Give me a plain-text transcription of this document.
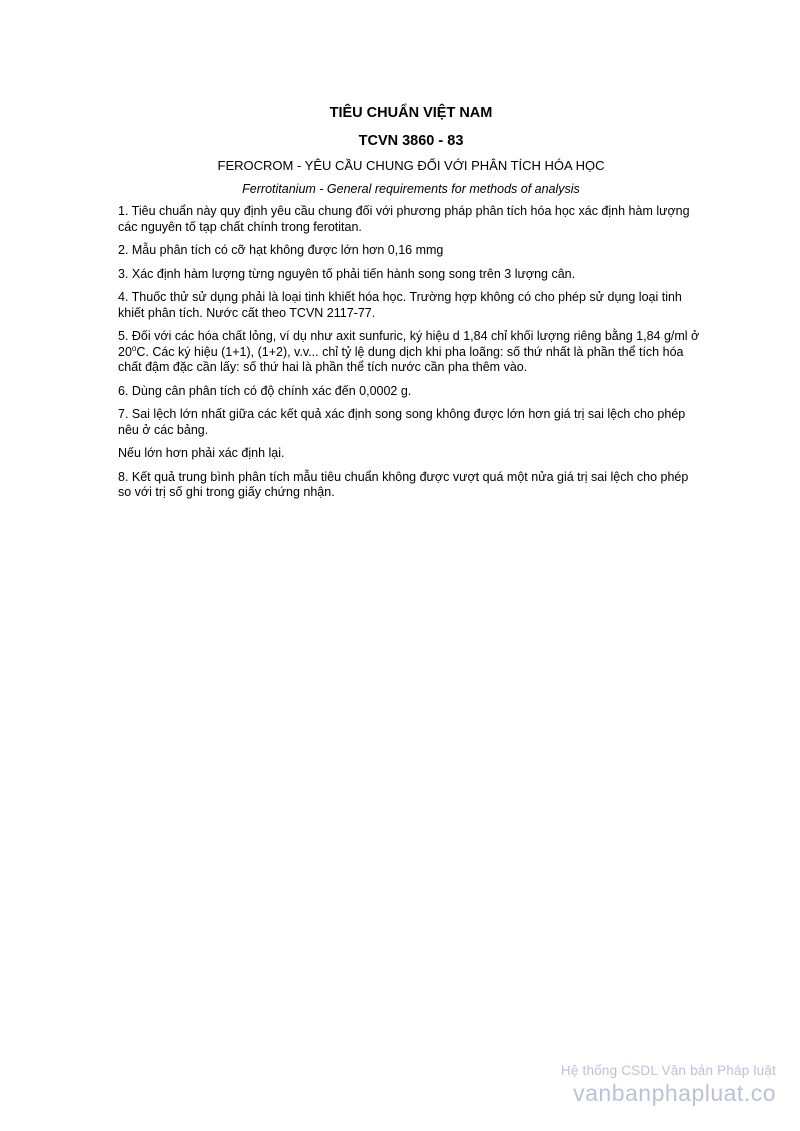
TIÊU CHUẨN VIỆT NAM

TCVN 3860 - 83

FEROCROM - YÊU CẦU CHUNG ĐỐI VỚI PHÂN TÍCH HÓA HỌC

Ferrotitanium - General requirements for methods of analysis

1. Tiêu chuẩn này quy định yêu cầu chung đối với phương pháp phân tích hóa học xác định hàm lượng các nguyên tố tạp chất chính trong ferotitan.

2. Mẫu phân tích có cỡ hạt không được lớn hơn 0,16 mmg

3. Xác định hàm lượng từng nguyên tố phải tiến hành song song trên 3 lượng cân.

4. Thuốc thử sử dụng phải là loại tinh khiết hóa học. Trường hợp không có cho phép sử dụng loại tinh khiết phân tích. Nước cất theo TCVN 2117-77.

5. Đối với các hóa chất lỏng, ví dụ như axit sunfuric, ký hiệu d 1,84 chỉ khối lượng riêng bằng 1,84 g/ml ở 20$^o$C. Các ký hiệu (1+1), (1+2), v.v... chỉ tỷ lệ dung dịch khi pha loãng: số thứ nhất là phần thể tích hóa chất đậm đặc cần lấy: số thứ hai là phần thể tích nước cần pha thêm vào.

6. Dùng cân phân tích có độ chính xác đến 0,0002 g.

7. Sai lệch lớn nhất giữa các kết quả xác định song song không được lớn hơn giá trị sai lệch cho phép nêu ở các bảng.

Nếu lớn hơn phải xác định lại.

8. Kết quả trung bình phân tích mẫu tiêu chuẩn không được vượt quá một nửa giá trị sai lệch cho phép so với trị số ghi trong giấy chứng nhận.

Hệ thống CSDL Văn bản Pháp luật
vanbanphapluat.co
